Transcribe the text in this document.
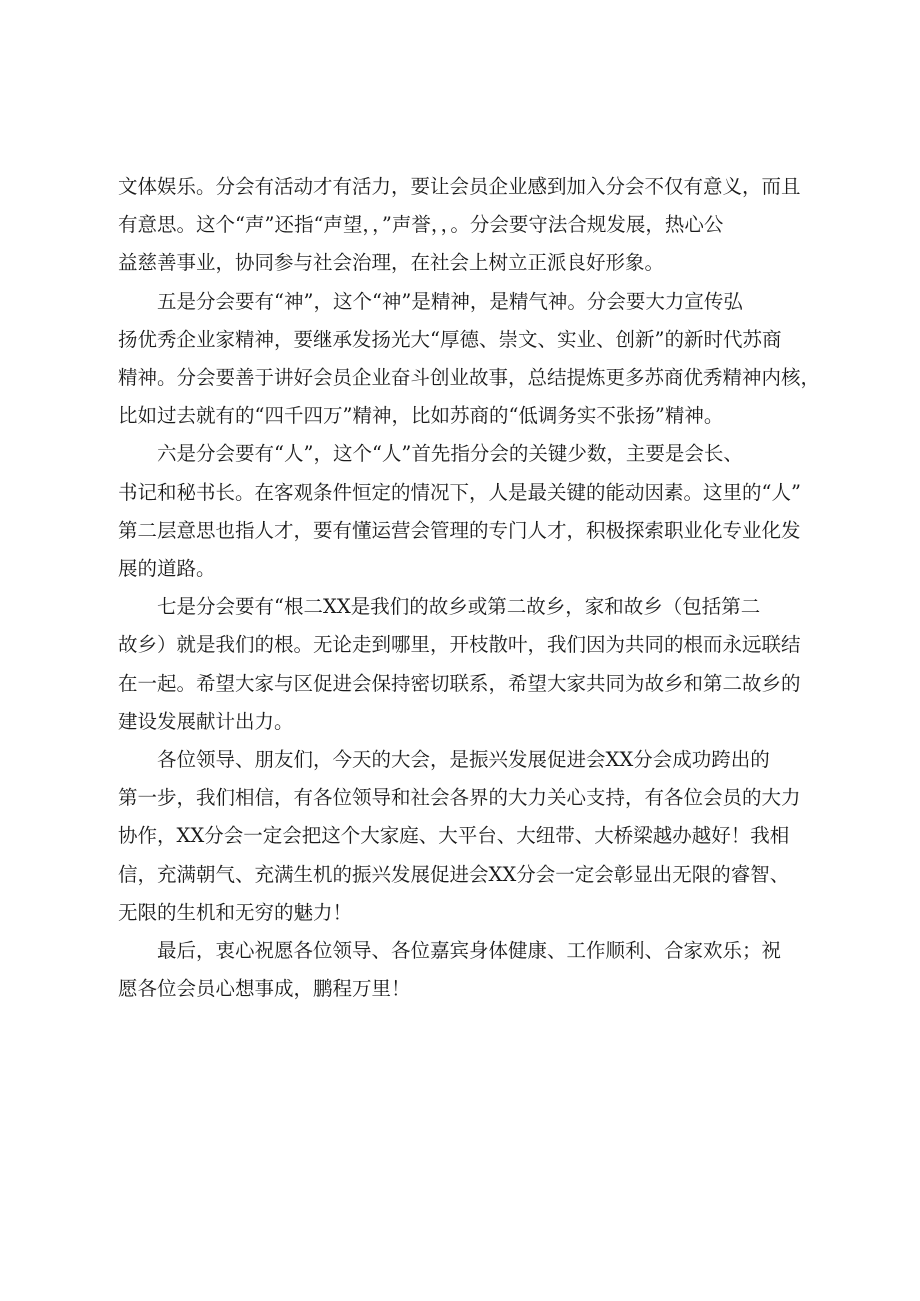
文体娱乐。分会有活动才有活力，要让会员企业感到加入分会不仅有意义，而且
有意思。这个“声”还指“声望，，”声誉，，。分会要守法合规发展，热心公
益慈善事业，协同参与社会治理，在社会上树立正派良好形象。

五是分会要有“神”，这个“神”是精神，是精气神。分会要大力宣传弘
扬优秀企业家精神，要继承发扬光大“厚德、崇文、实业、创新”的新时代苏商
精神。分会要善于讲好会员企业奋斗创业故事，总结提炼更多苏商优秀精神内核，
比如过去就有的“四千四万”精神，比如苏商的“低调务实不张扬”精神。

六是分会要有“人”，这个“人”首先指分会的关键少数，主要是会长、
书记和秘书长。在客观条件恒定的情况下，人是最关键的能动因素。这里的“人”
第二层意思也指人才，要有懂运营会管理的专门人才，积极探索职业化专业化发
展的道路。

七是分会要有“根二XX是我们的故乡或第二故乡，家和故乡（包括第二
故乡）就是我们的根。无论走到哪里，开枝散叶，我们因为共同的根而永远联结
在一起。希望大家与区促进会保持密切联系，希望大家共同为故乡和第二故乡的
建设发展献计出力。

各位领导、朋友们，今天的大会，是振兴发展促进会XX分会成功跨出的
第一步，我们相信，有各位领导和社会各界的大力关心支持，有各位会员的大力
协作，XX分会一定会把这个大家庭、大平台、大纽带、大桥梁越办越好！我相
信，充满朝气、充满生机的振兴发展促进会XX分会一定会彰显出无限的睿智、
无限的生机和无穷的魅力！

最后，衷心祝愿各位领导、各位嘉宾身体健康、工作顺利、合家欢乐；祝
愿各位会员心想事成，鹏程万里！
